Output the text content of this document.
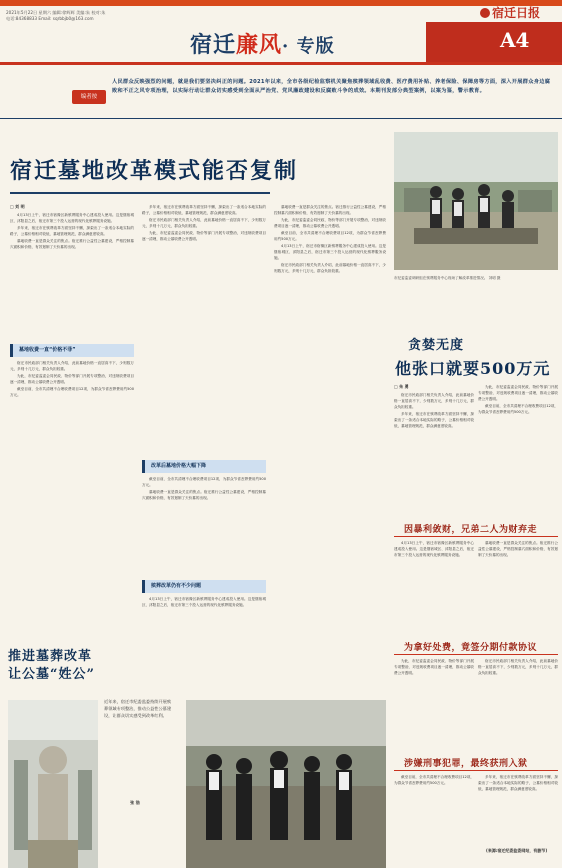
2021年5月22日 星期六 编辑:徐辉辉 美编:朱 校对:朱
电话:84368833 Email: sqrbbjb0@163.com
宿迁廉风· 专版
宿迁日报
A4
编者按
人民群众反映强烈的问题，就是我们要坚决纠正的问题。2021年以来，全市各级纪检监察机关聚焦殡葬领域乱收费、医疗费用补贴、养老保险、保障房等方面，深入开展群众身边腐败和不正之风专项治理，以实际行动让群众切实感受到全面从严治党、党风廉政建设和反腐败斗争的成效。本期刊发部分典型案例，以案为鉴，警示教育。
宿迁墓地改革模式能否复制
□ 刘 明
4月13日上午，宿迁市宿豫区新殡葬服务中心建成投入使用。这是继宿城区、沭阳县之后，宿迁市第三个投入运营的现代化殡葬服务设施。
多年来，宿迁市在殡葬改革方面坚持不懈，探索出了一条适合本地实际的路子，公墓价格相对较低，墓地管理规范，群众满意度较高。
墓地收费一直是群众关注的焦点。宿迁推行公益性公墓建设，严格控制墓穴面积和价格，有效遏制了天价墓的出现。
墓地收费一直“价格不菲”
宿迁市民政部门相关负责人介绍，此前墓地价格一直居高不下，少则数万元，多则十几万元，群众负担较重。
为此，市纪委监委会同民政、物价等部门开展专项整治，对违规收费项目逐一清理，推动公墓收费公开透明。
截至目前，全市共清理不合理收费项目12项，为群众节省丧葬费用约500万元。
多年来，宿迁市在殡葬改革方面坚持不懈，探索出了一条适合本地实际的路子，公墓价格相对较低，墓地管理规范，群众满意度较高。
宿迁市民政部门相关负责人介绍，此前墓地价格一直居高不下，少则数万元，多则十几万元，群众负担较重。
为此，市纪委监委会同民政、物价等部门开展专项整治，对违规收费项目逐一清理，推动公墓收费公开透明。
改革后墓地价格大幅下降
截至目前，全市共清理不合理收费项目12项，为群众节省丧葬费用约500万元。
墓地收费一直是群众关注的焦点。宿迁推行公益性公墓建设，严格控制墓穴面积和价格，有效遏制了天价墓的出现。
殡葬改革仍有不少问题
4月13日上午，宿迁市宿豫区新殡葬服务中心建成投入使用。这是继宿城区、沭阳县之后，宿迁市第三个投入运营的现代化殡葬服务设施。
墓地收费一直是群众关注的焦点。宿迁推行公益性公墓建设，严格控制墓穴面积和价格，有效遏制了天价墓的出现。
为此，市纪委监委会同民政、物价等部门开展专项整治，对违规收费项目逐一清理，推动公墓收费公开透明。
截至目前，全市共清理不合理收费项目12项，为群众节省丧葬费用约500万元。
4月13日上午，宿迁市宿豫区新殡葬服务中心建成投入使用。这是继宿城区、沭阳县之后，宿迁市第三个投入运营的现代化殡葬服务设施。
宿迁市民政部门相关负责人介绍，此前墓地价格一直居高不下，少则数万元，多则十几万元，群众负担较重。
市纪委监委调研组在殡葬服务中心现场了解改革推进情况。 刘明 摄
贪婪无度
他张口就要500万元
□ 朱 勇
宿迁市民政部门相关负责人介绍，此前墓地价格一直居高不下，少则数万元，多则十几万元，群众负担较重。
多年来，宿迁市在殡葬改革方面坚持不懈，探索出了一条适合本地实际的路子，公墓价格相对较低，墓地管理规范，群众满意度较高。
为此，市纪委监委会同民政、物价等部门开展专项整治，对违规收费项目逐一清理，推动公墓收费公开透明。
截至目前，全市共清理不合理收费项目12项，为群众节省丧葬费用约500万元。
因暴利敛财，兄弟二人为财弃走
4月13日上午，宿迁市宿豫区新殡葬服务中心建成投入使用。这是继宿城区、沭阳县之后，宿迁市第三个投入运营的现代化殡葬服务设施。
墓地收费一直是群众关注的焦点。宿迁推行公益性公墓建设，严格控制墓穴面积和价格，有效遏制了天价墓的出现。
为拿好处费，竟签分期付款协议
为此，市纪委监委会同民政、物价等部门开展专项整治，对违规收费项目逐一清理，推动公墓收费公开透明。
宿迁市民政部门相关负责人介绍，此前墓地价格一直居高不下，少则数万元，多则十几万元，群众负担较重。
涉嫌刑事犯罪，最终获刑入狱
截至目前，全市共清理不合理收费项目12项，为群众节省丧葬费用约500万元。
多年来，宿迁市在殡葬改革方面坚持不懈，探索出了一条适合本地实际的路子，公墓价格相对较低，墓地管理规范，群众满意度较高。
(来源:宿迁纪委监委网站，有删节)
推进墓葬改革
让公墓“姓公”
近年来，宿迁市纪委监委持续开展殡葬领域专项整治，推动公益性公墓建设，让群众切实感受到改革红利。
张 浩
